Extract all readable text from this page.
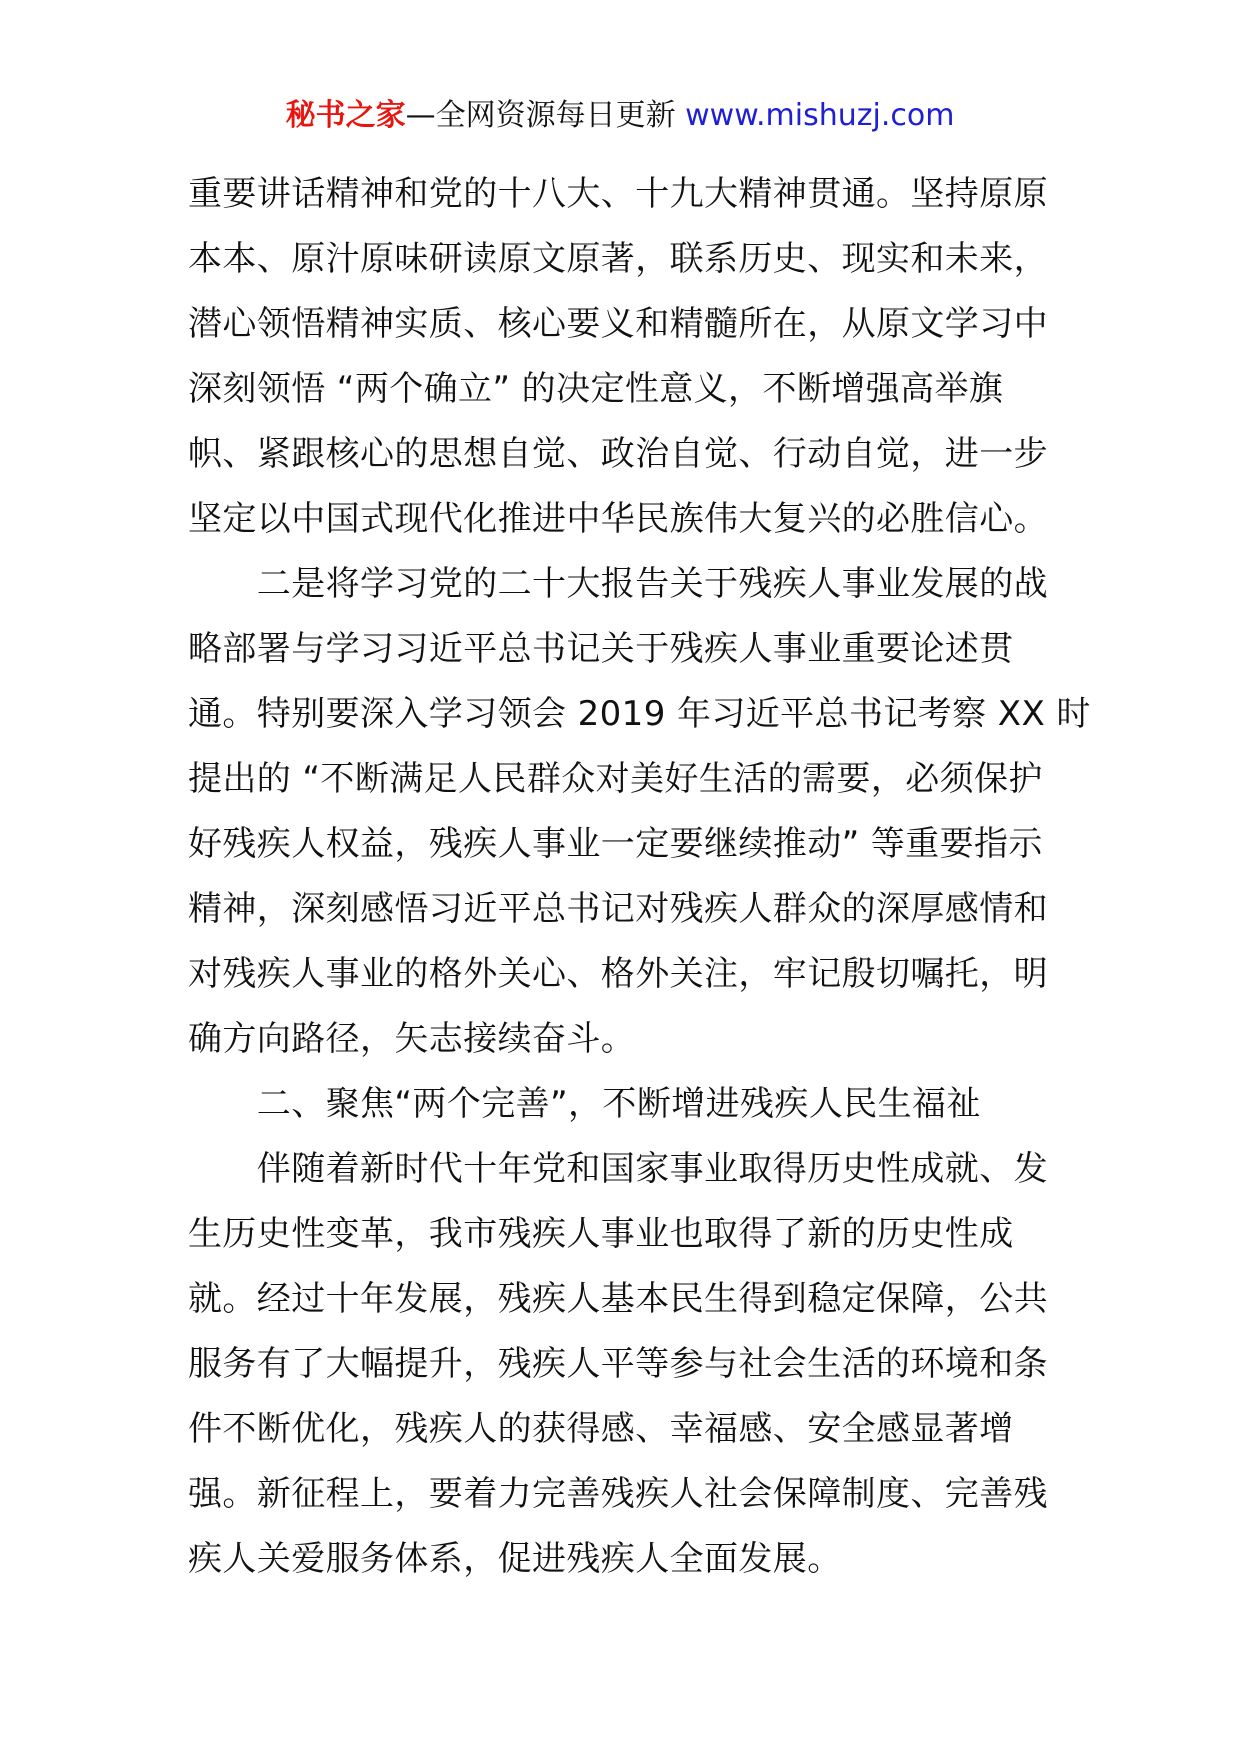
秘书之家—全网资源每日更新 www.mishuzj.com
重要讲话精神和党的十八大、十九大精神贯通。坚持原原
本本、原汁原味研读原文原著，联系历史、现实和未来，
潜心领悟精神实质、核心要义和精髓所在，从原文学习中
深刻领悟 “两个确立” 的决定性意义，不断增强高举旗
帜、紧跟核心的思想自觉、政治自觉、行动自觉，进一步
坚定以中国式现代化推进中华民族伟大复兴的必胜信心。
　　二是将学习党的二十大报告关于残疾人事业发展的战
略部署与学习习近平总书记关于残疾人事业重要论述贯
通。特别要深入学习领会 2019 年习近平总书记考察 XX 时
提出的 “不断满足人民群众对美好生活的需要，必须保护
好残疾人权益，残疾人事业一定要继续推动” 等重要指示
精神，深刻感悟习近平总书记对残疾人群众的深厚感情和
对残疾人事业的格外关心、格外关注，牢记殷切嘱托，明
确方向路径，矢志接续奋斗。
　　二、聚焦“两个完善”，不断增进残疾人民生福祉
　　伴随着新时代十年党和国家事业取得历史性成就、发
生历史性变革，我市残疾人事业也取得了新的历史性成
就。经过十年发展，残疾人基本民生得到稳定保障，公共
服务有了大幅提升，残疾人平等参与社会生活的环境和条
件不断优化，残疾人的获得感、幸福感、安全感显著增
强。新征程上，要着力完善残疾人社会保障制度、完善残
疾人关爱服务体系，促进残疾人全面发展。
